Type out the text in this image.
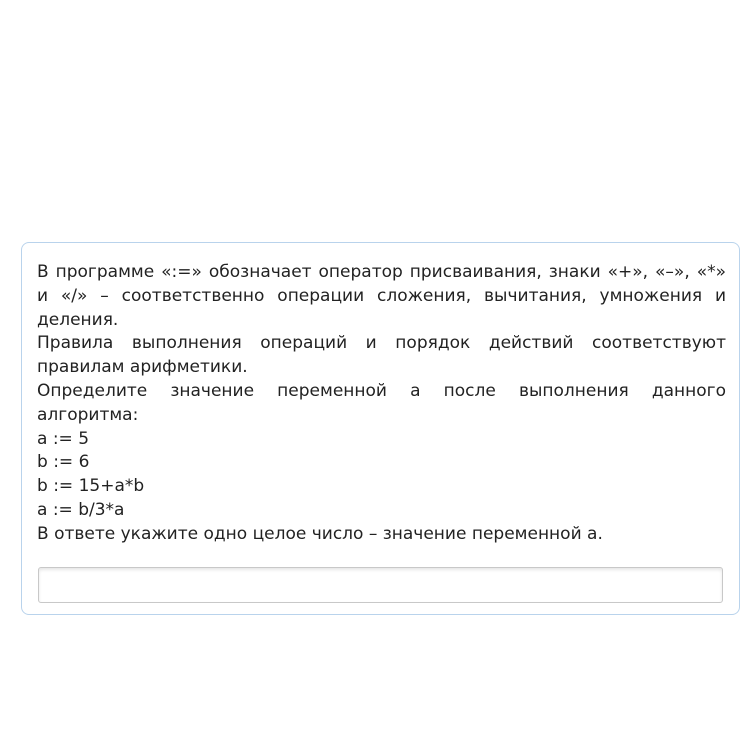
В программе «:=» обозначает оператор присваивания, знаки «+», «–», «*» и «/» – соответственно операции сложения, вычитания, умножения и деления.

Правила выполнения операций и порядок действий соответствуют правилам арифметики.

Определите значение переменной a после выполнения данного алгоритма:

a := 5
b := 6
b := 15+a*b
a := b/3*a

В ответе укажите одно целое число – значение переменной a.
